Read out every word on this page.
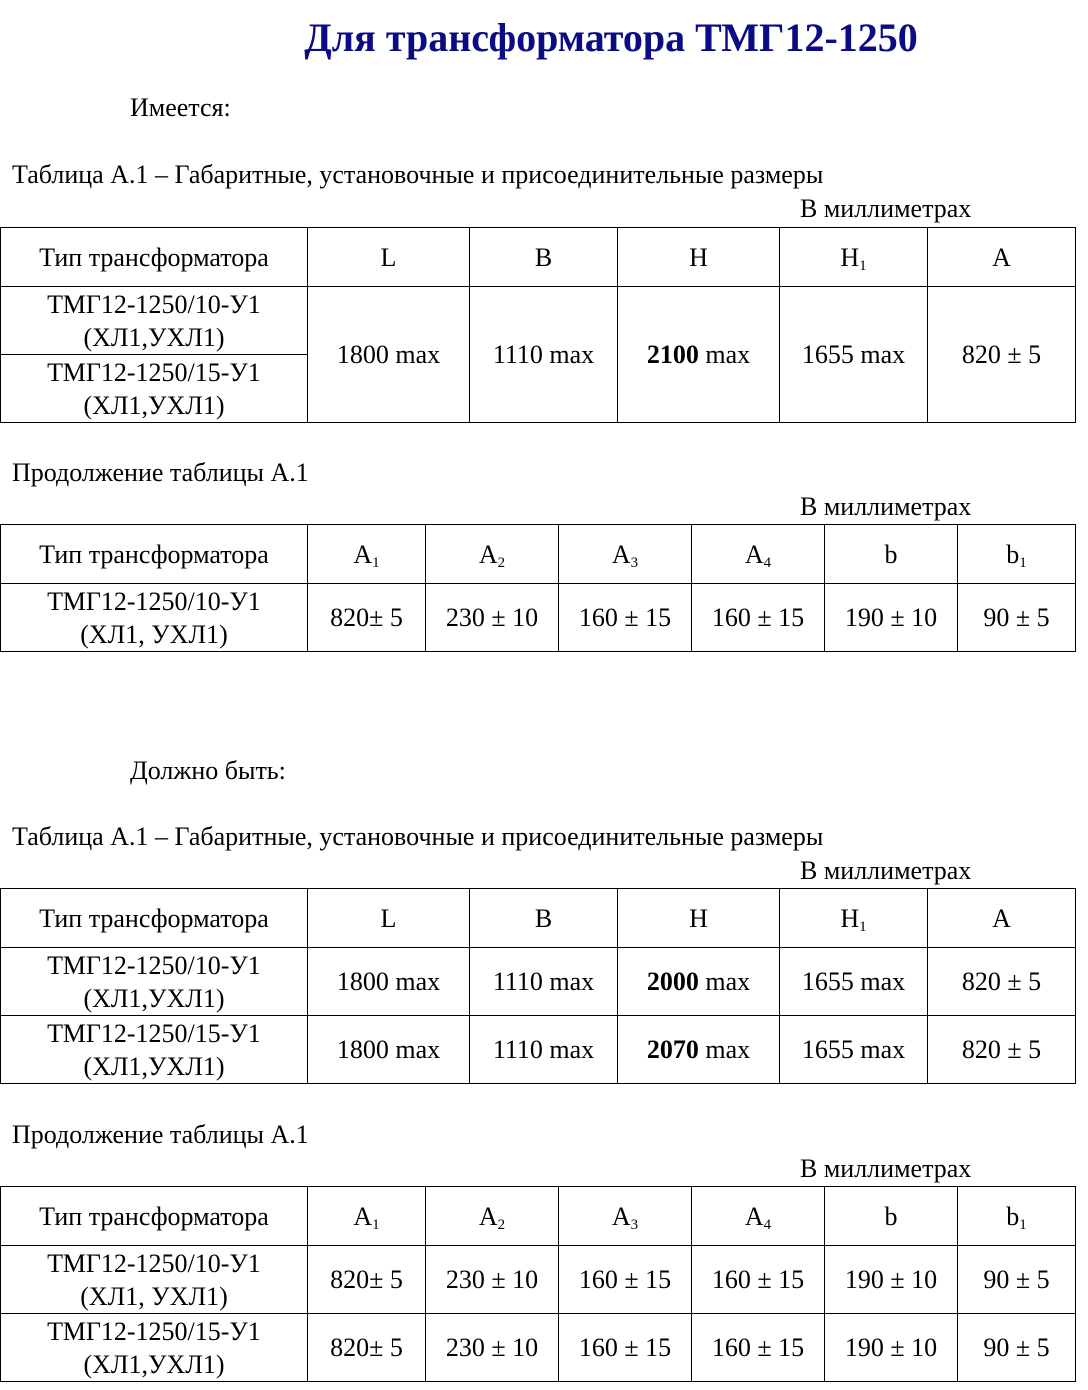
Для трансформатора ТМГ12-1250
Имеется:
Таблица А.1 – Габаритные, установочные и присоединительные размеры
В миллиметрах
Тип трансформатора	L	B	H	$H_1$	A
ТМГ12-1250/10-У1
(ХЛ1,УХЛ1)	1800 max	1110 max	2100 max	1655 max	820 ± 5
ТМГ12-1250/15-У1
(ХЛ1,УХЛ1)					
Продолжение таблицы А.1
В миллиметрах
Тип трансформатора	$A_1$	$A_2$	$A_3$	$A_4$	b	$b_1$
ТМГ12-1250/10-У1
(ХЛ1, УХЛ1)	820± 5	230 ± 10	160 ± 15	160 ± 15	190 ± 10	90 ± 5
Должно быть:
Таблица А.1 – Габаритные, установочные и присоединительные размеры
В миллиметрах
Тип трансформатора	L	B	H	$H_1$	A
ТМГ12-1250/10-У1
(ХЛ1,УХЛ1)	1800 max	1110 max	2000 max	1655 max	820 ± 5
ТМГ12-1250/15-У1
(ХЛ1,УХЛ1)	1800 max	1110 max	2070 max	1655 max	820 ± 5
Продолжение таблицы А.1
В миллиметрах
Тип трансформатора	$A_1$	$A_2$	$A_3$	$A_4$	b	$b_1$
ТМГ12-1250/10-У1
(ХЛ1, УХЛ1)	820± 5	230 ± 10	160 ± 15	160 ± 15	190 ± 10	90 ± 5
ТМГ12-1250/15-У1
(ХЛ1,УХЛ1)	820± 5	230 ± 10	160 ± 15	160 ± 15	190 ± 10	90 ± 5
